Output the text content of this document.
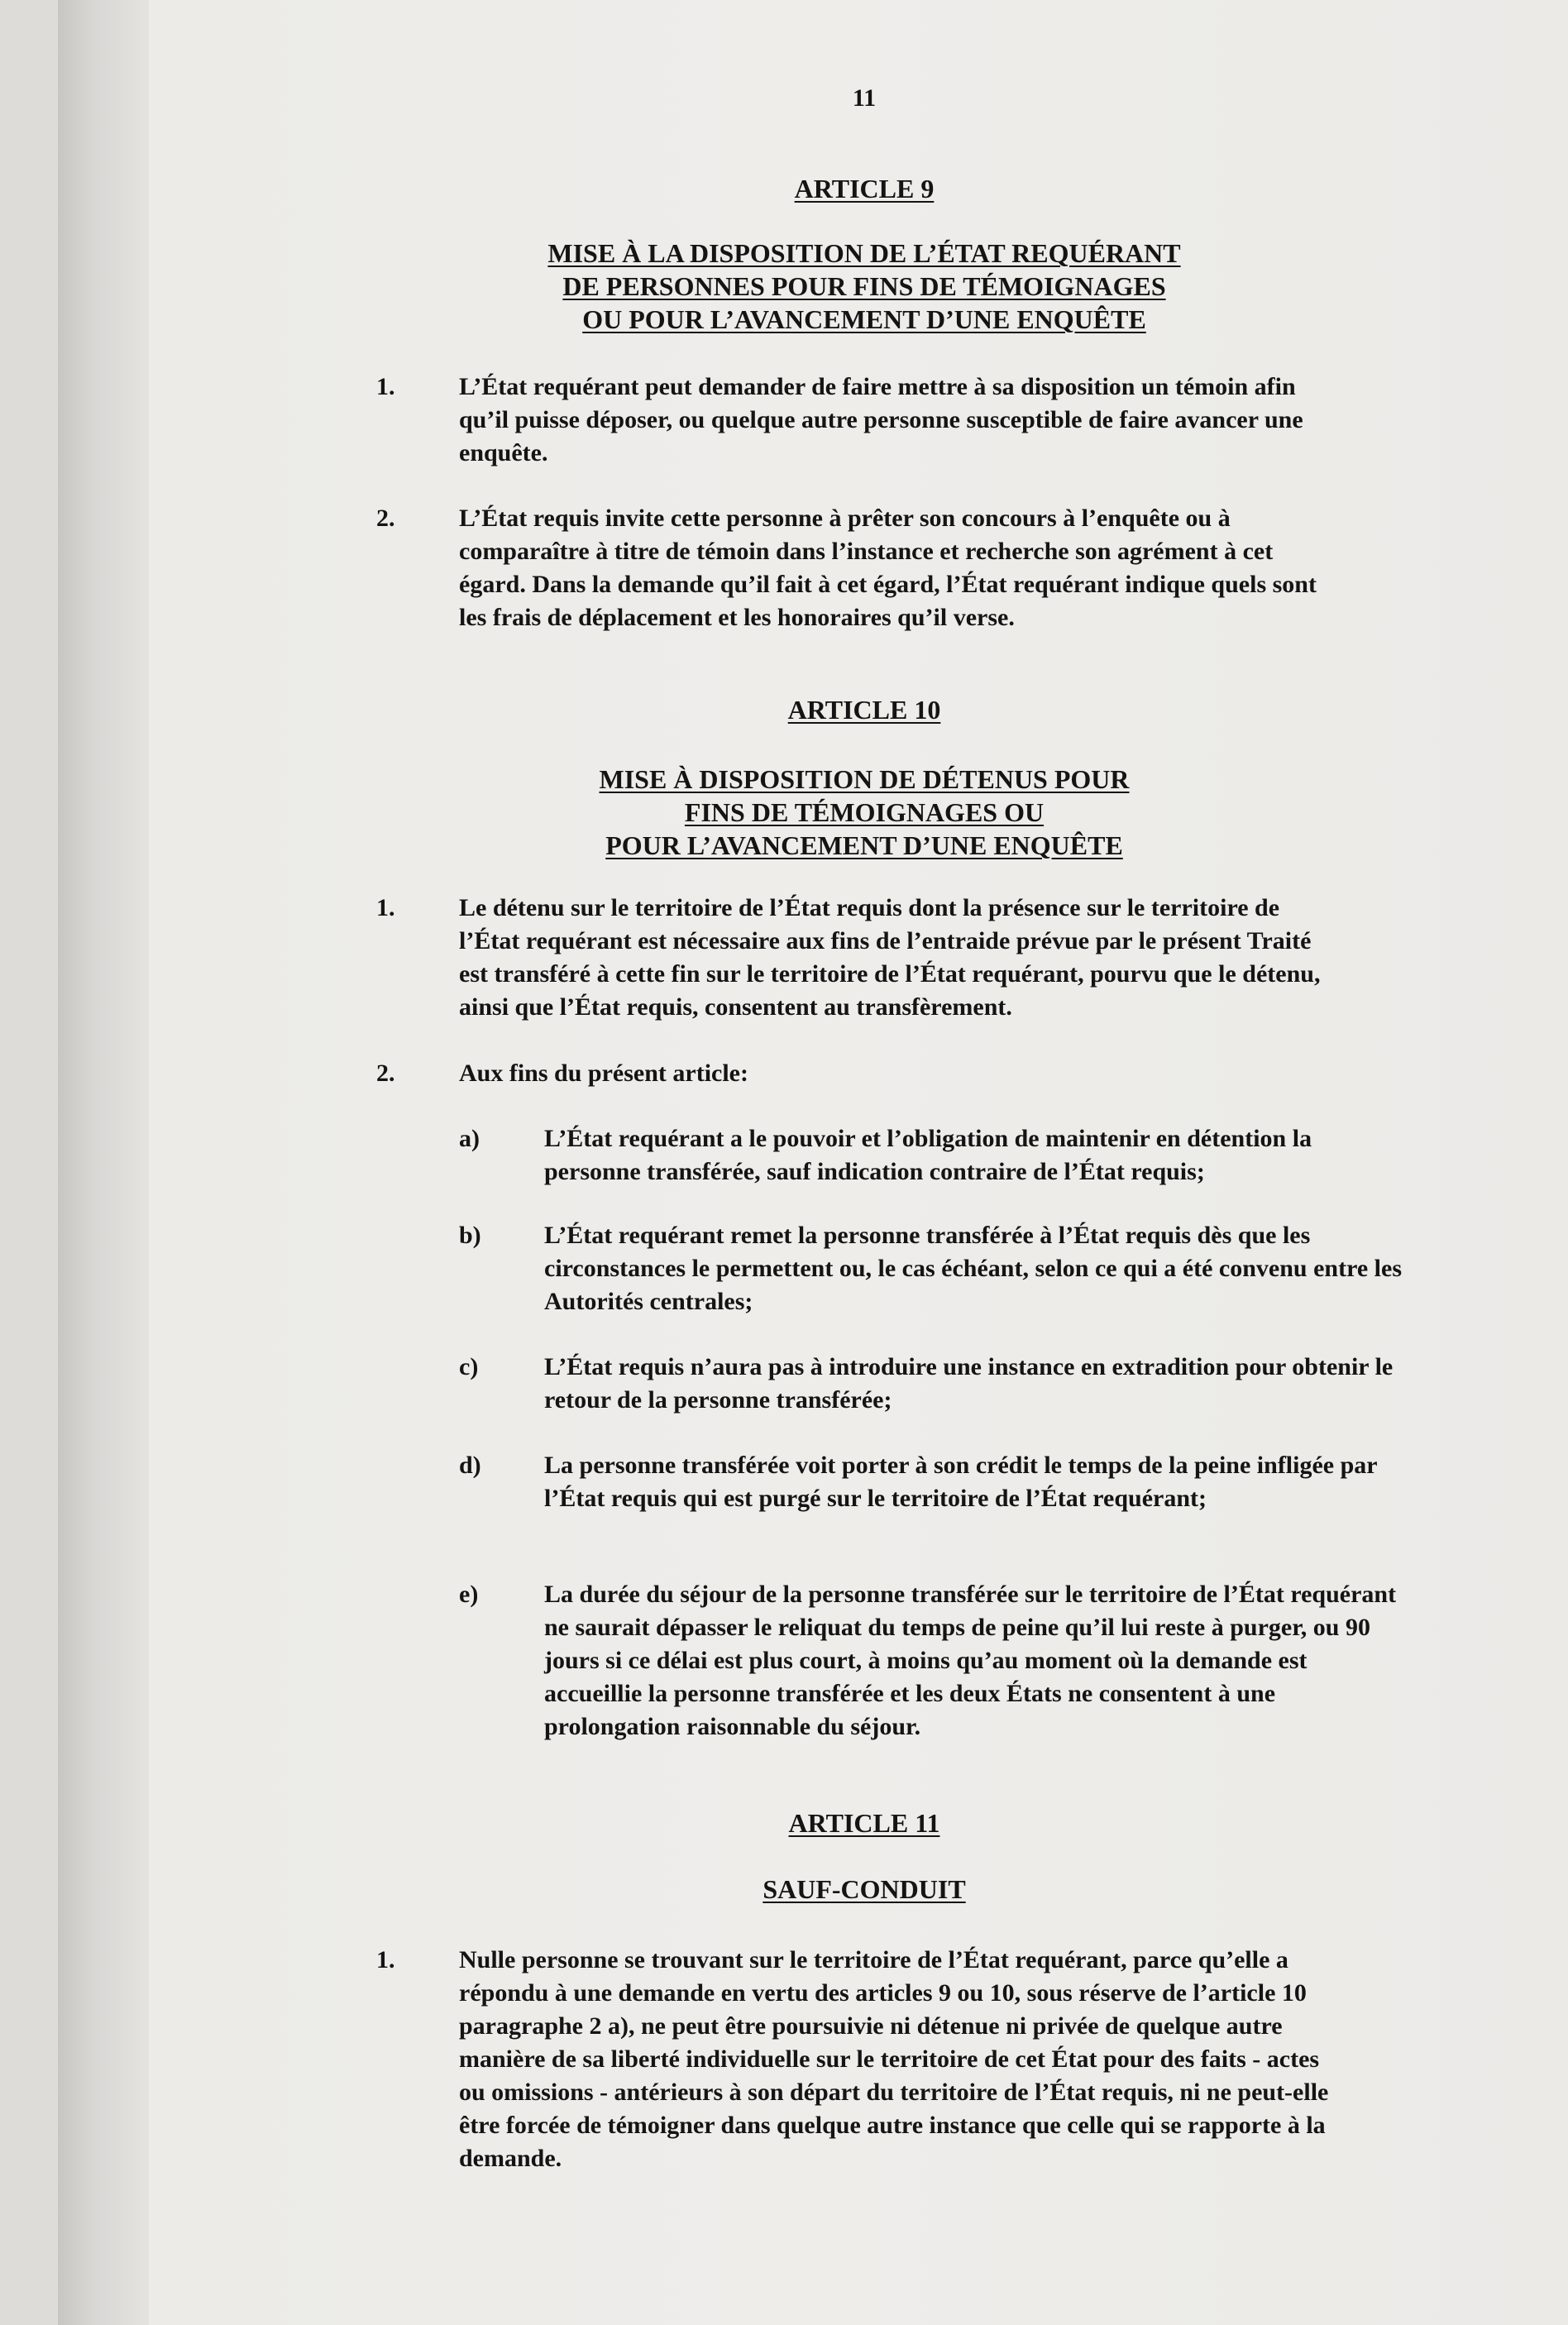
11
ARTICLE 9
MISE À LA DISPOSITION DE L’ÉTAT REQUÉRANT
DE PERSONNES POUR FINS DE TÉMOIGNAGES
OU POUR L’AVANCEMENT D’UNE ENQUÊTE
1.	L’État requérant peut demander de faire mettre à sa disposition un témoin afin qu’il puisse déposer, ou quelque autre personne susceptible de faire avancer une enquête.
2.	L’État requis invite cette personne à prêter son concours à l’enquête ou à comparaître à titre de témoin dans l’instance et recherche son agrément à cet égard. Dans la demande qu’il fait à cet égard, l’État requérant indique quels sont les frais de déplacement et les honoraires qu’il verse.
ARTICLE 10
MISE À DISPOSITION DE DÉTENUS POUR
FINS DE TÉMOIGNAGES OU
POUR L’AVANCEMENT D’UNE ENQUÊTE
1.	Le détenu sur le territoire de l’État requis dont la présence sur le territoire de l’État requérant est nécessaire aux fins de l’entraide prévue par le présent Traité est transféré à cette fin sur le territoire de l’État requérant, pourvu que le détenu, ainsi que l’État requis, consentent au transfèrement.
2.	Aux fins du présent article:
a)	L’État requérant a le pouvoir et l’obligation de maintenir en détention la personne transférée, sauf indication contraire de l’État requis;
b)	L’État requérant remet la personne transférée à l’État requis dès que les circonstances le permettent ou, le cas échéant, selon ce qui a été convenu entre les Autorités centrales;
c)	L’État requis n’aura pas à introduire une instance en extradition pour obtenir le retour de la personne transférée;
d)	La personne transférée voit porter à son crédit le temps de la peine infligée par l’État requis qui est purgé sur le territoire de l’État requérant;
e)	La durée du séjour de la personne transférée sur le territoire de l’État requérant ne saurait dépasser le reliquat du temps de peine qu’il lui reste à purger, ou 90 jours si ce délai est plus court, à moins qu’au moment où la demande est accueillie la personne transférée et les deux États ne consentent à une prolongation raisonnable du séjour.
ARTICLE 11
SAUF-CONDUIT
1.	Nulle personne se trouvant sur le territoire de l’État requérant, parce qu’elle a répondu à une demande en vertu des articles 9 ou 10, sous réserve de l’article 10 paragraphe 2 a), ne peut être poursuivie ni détenue ni privée de quelque autre manière de sa liberté individuelle sur le territoire de cet État pour des faits - actes ou omissions - antérieurs à son départ du territoire de l’État requis, ni ne peut-elle être forcée de témoigner dans quelque autre instance que celle qui se rapporte à la demande.
